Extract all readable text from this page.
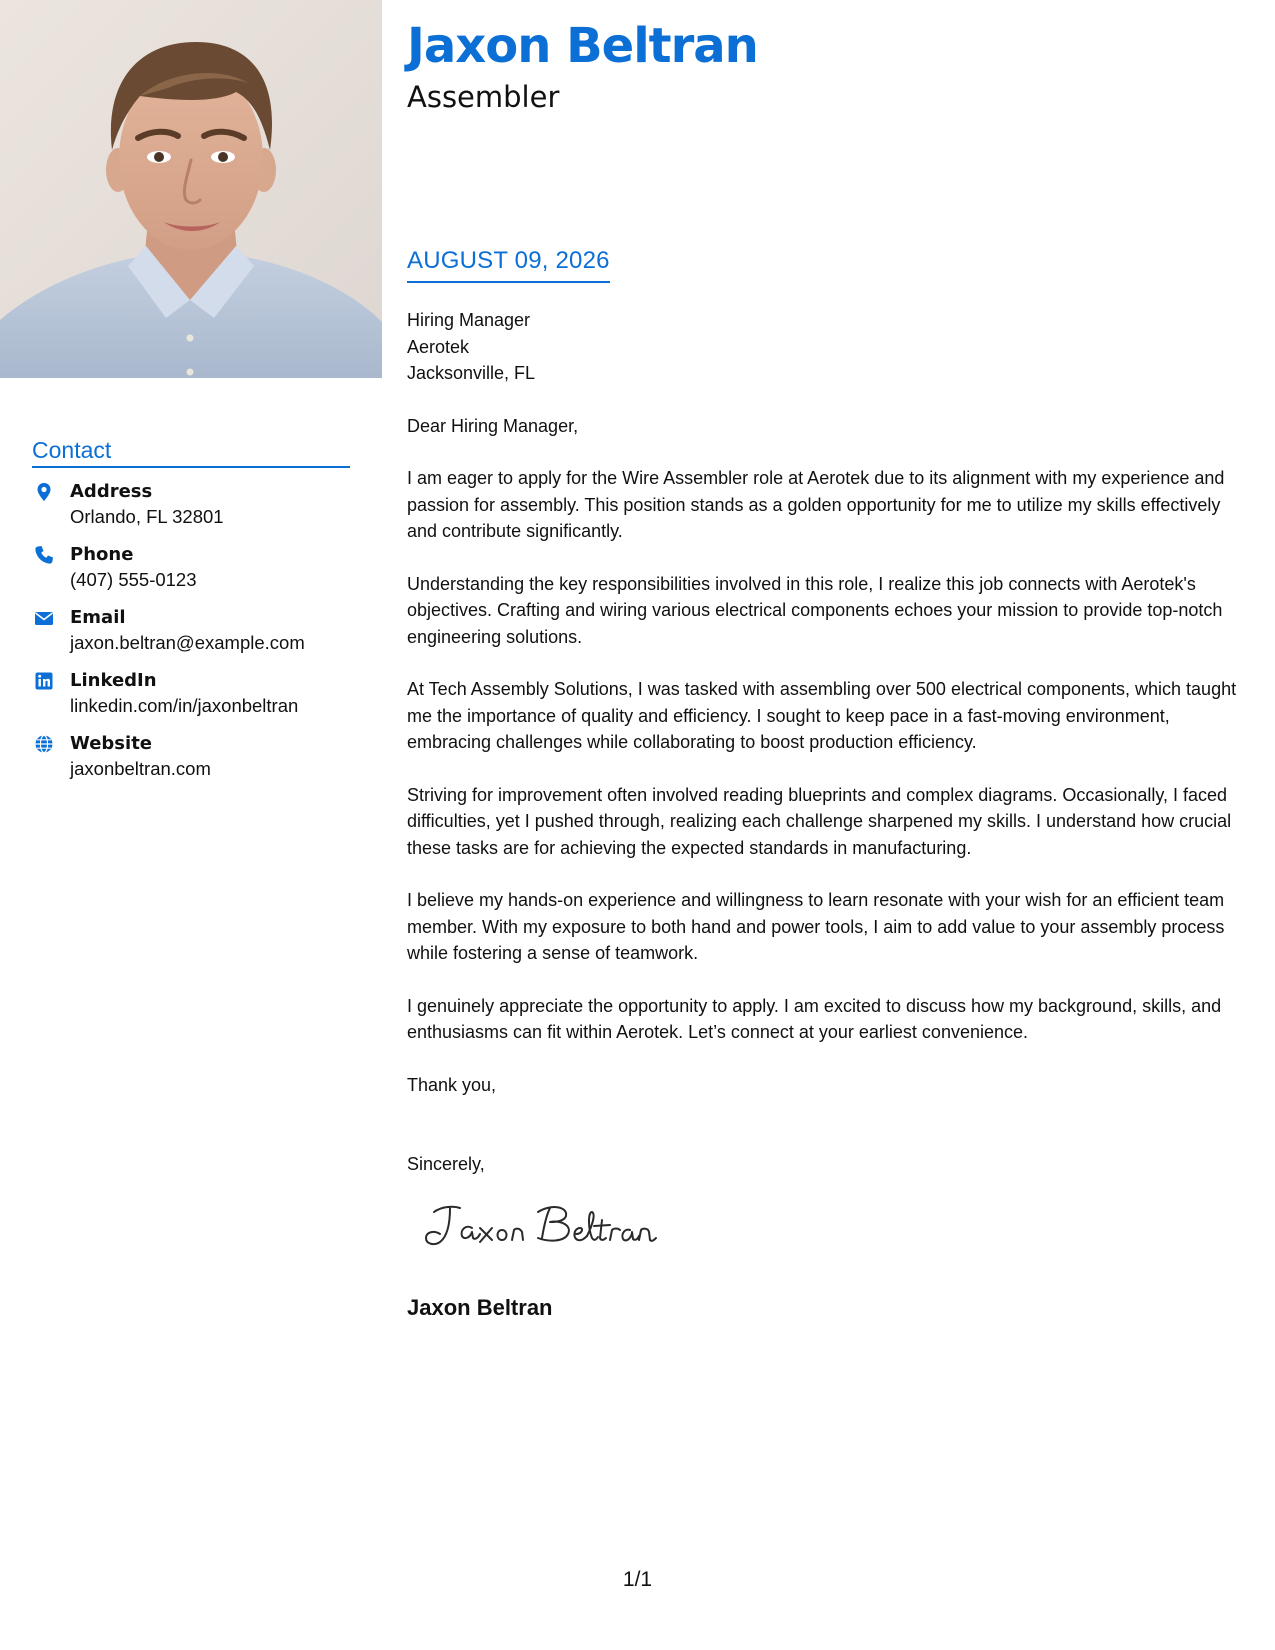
Jaxon Beltran
Assembler
AUGUST 09, 2026
Hiring Manager
Aerotek
Jacksonville, FL
Dear Hiring Manager,

I am eager to apply for the Wire Assembler role at Aerotek due to its alignment with my experience and passion for assembly. This position stands as a golden opportunity for me to utilize my skills effectively and contribute significantly.

Understanding the key responsibilities involved in this role, I realize this job connects with Aerotek's objectives. Crafting and wiring various electrical components echoes your mission to provide top-notch engineering solutions.

At Tech Assembly Solutions, I was tasked with assembling over 500 electrical components, which taught me the importance of quality and efficiency. I sought to keep pace in a fast-moving environment, embracing challenges while collaborating to boost production efficiency.

Striving for improvement often involved reading blueprints and complex diagrams. Occasionally, I faced difficulties, yet I pushed through, realizing each challenge sharpened my skills. I understand how crucial these tasks are for achieving the expected standards in manufacturing.

I believe my hands-on experience and willingness to learn resonate with your wish for an efficient team member. With my exposure to both hand and power tools, I aim to add value to your assembly process while fostering a sense of teamwork.

I genuinely appreciate the opportunity to apply. I am excited to discuss how my background, skills, and enthusiasms can fit within Aerotek. Let’s connect at your earliest convenience.

Thank you,
Sincerely,
Jaxon Beltran
Contact
Address
Orlando, FL 32801
Phone
(407) 555-0123
Email
jaxon.beltran@example.com
LinkedIn
linkedin.com/in/jaxonbeltran
Website
jaxonbeltran.com
1/1
